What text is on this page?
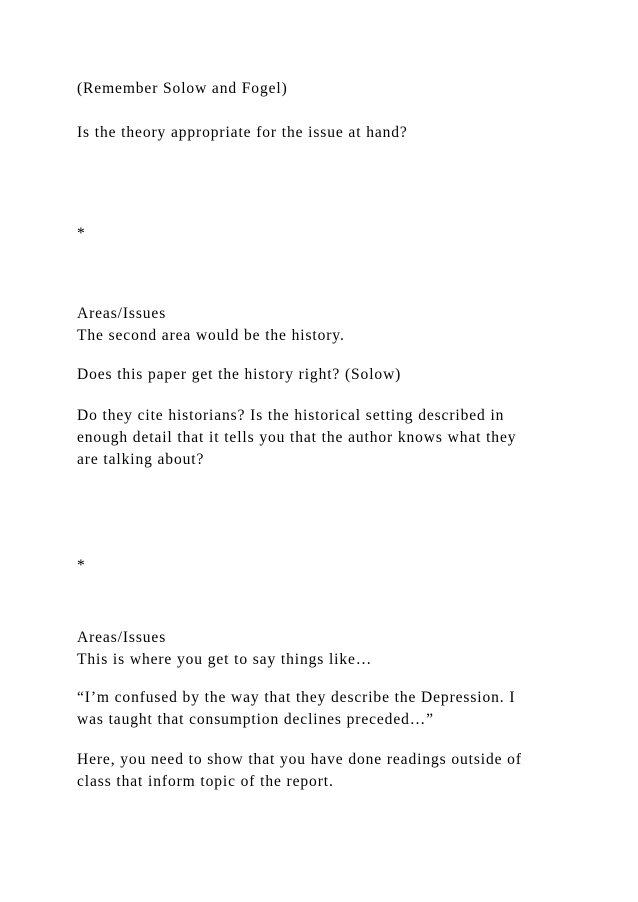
(Remember Solow and Fogel)
Is the theory appropriate for the issue at hand?
*
Areas/Issues
The second area would be the history.
Does this paper get the history right? (Solow)
Do they cite historians? Is the historical setting described in
enough detail that it tells you that the author knows what they
are talking about?
*
Areas/Issues
This is where you get to say things like…
“I’m confused by the way that they describe the Depression. I
was taught that consumption declines preceded…”
Here, you need to show that you have done readings outside of
class that inform topic of the report.
